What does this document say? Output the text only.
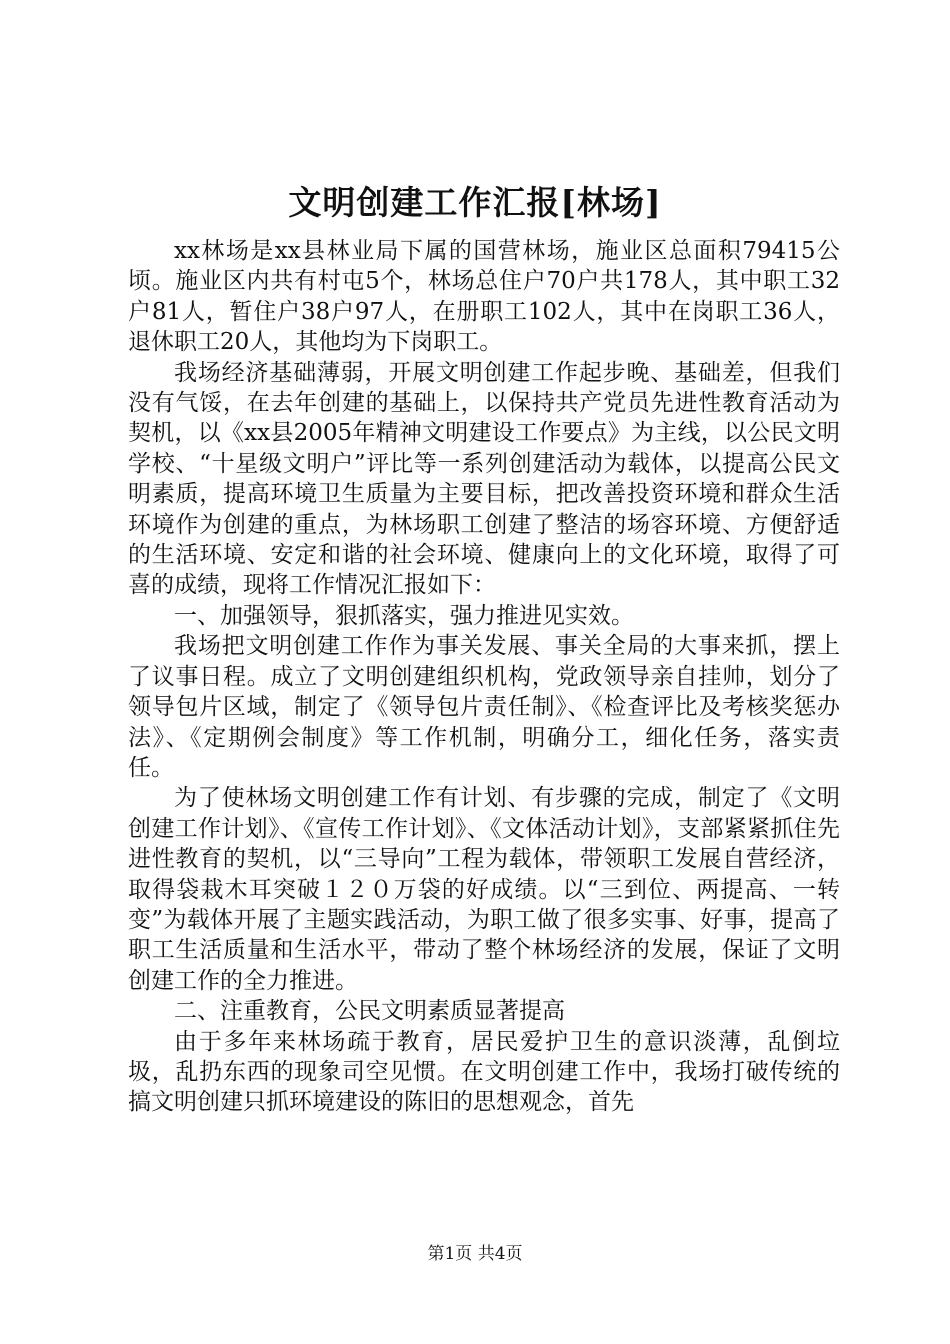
文明创建工作汇报[林场]

xx林场是xx县林业局下属的国营林场，施业区总面积79415公顷。施业区内共有村屯5个，林场总住户70户共178人，其中职工32户81人，暂住户38户97人，在册职工102人，其中在岗职工36人，退休职工20人，其他均为下岗职工。

我场经济基础薄弱，开展文明创建工作起步晚、基础差，但我们没有气馁，在去年创建的基础上，以保持共产党员先进性教育活动为契机，以《xx县2005年精神文明建设工作要点》为主线，以公民文明学校、“十星级文明户”评比等一系列创建活动为载体，以提高公民文明素质，提高环境卫生质量为主要目标，把改善投资环境和群众生活环境作为创建的重点，为林场职工创建了整洁的场容环境、方便舒适的生活环境、安定和谐的社会环境、健康向上的文化环境，取得了可喜的成绩，现将工作情况汇报如下：

一、加强领导，狠抓落实，强力推进见实效。

我场把文明创建工作作为事关发展、事关全局的大事来抓，摆上了议事日程。成立了文明创建组织机构，党政领导亲自挂帅，划分了领导包片区域，制定了《领导包片责任制》、《检查评比及考核奖惩办法》、《定期例会制度》等工作机制，明确分工，细化任务，落实责任。

为了使林场文明创建工作有计划、有步骤的完成，制定了《文明创建工作计划》、《宣传工作计划》、《文体活动计划》，支部紧紧抓住先进性教育的契机，以“三导向”工程为载体，带领职工发展自营经济，取得袋栽木耳突破１２０万袋的好成绩。以“三到位、两提高、一转变”为载体开展了主题实践活动，为职工做了很多实事、好事，提高了职工生活质量和生活水平，带动了整个林场经济的发展，保证了文明创建工作的全力推进。

二、注重教育，公民文明素质显著提高

由于多年来林场疏于教育，居民爱护卫生的意识淡薄，乱倒垃圾，乱扔东西的现象司空见惯。在文明创建工作中，我场打破传统的搞文明创建只抓环境建设的陈旧的思想观念，首先

第1页 共4页
